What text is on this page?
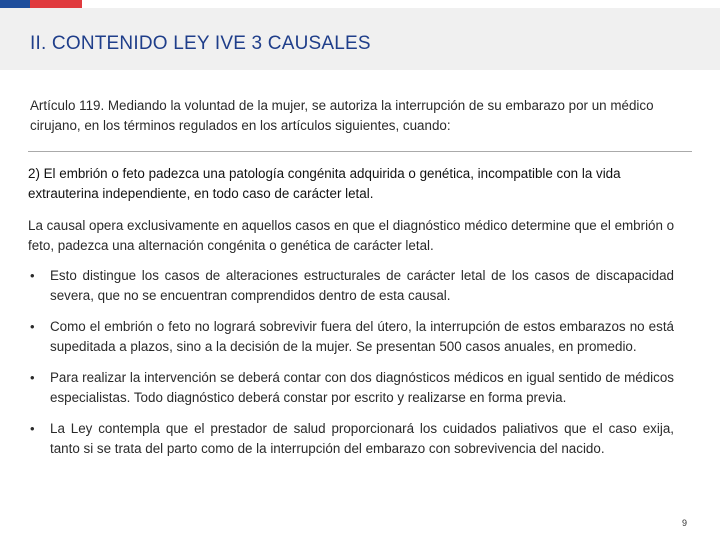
II. CONTENIDO LEY IVE 3 CAUSALES

Artículo 119. Mediando la voluntad de la mujer, se autoriza la interrupción de su embarazo por un médico cirujano, en los términos regulados en los artículos siguientes, cuando:

2) El embrión o feto padezca una patología congénita adquirida o genética, incompatible con la vida extrauterina independiente, en todo caso de carácter letal.

La causal opera exclusivamente en aquellos casos en que el diagnóstico médico determine que el embrión o feto, padezca una alternación congénita o genética de carácter letal.

• Esto distingue los casos de alteraciones estructurales de carácter letal de los casos de discapacidad severa, que no se encuentran comprendidos dentro de esta causal.
• Como el embrión o feto no logrará sobrevivir fuera del útero, la interrupción de estos embarazos no está supeditada a plazos, sino a la decisión de la mujer. Se presentan 500 casos anuales, en promedio.
• Para realizar la intervención se deberá contar con dos diagnósticos médicos en igual sentido de médicos especialistas. Todo diagnóstico deberá constar por escrito y realizarse en forma previa.
• La Ley contempla que el prestador de salud proporcionará los cuidados paliativos que el caso exija, tanto si se trata del parto como de la interrupción del embarazo con sobrevivencia del nacido.
9
